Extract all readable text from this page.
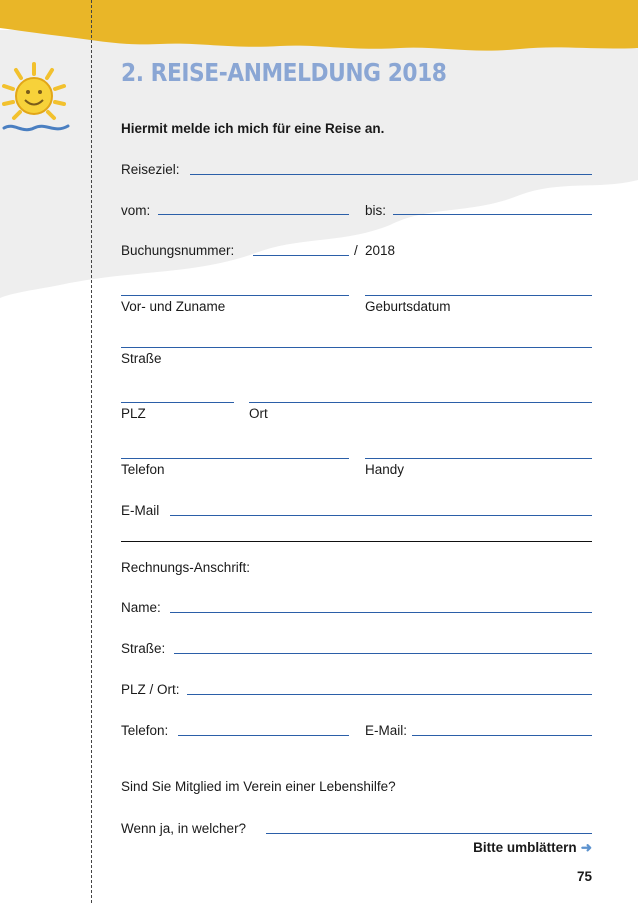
2. REISE-ANMELDUNG 2018
Hiermit melde ich mich für eine Reise an.
Reiseziel:
vom:	bis:
Buchungsnummer:	/ 2018
Vor- und Zuname	Geburtsdatum
Straße
PLZ	Ort
Telefon	Handy
E-Mail
Rechnungs-Anschrift:
Name:
Straße:
PLZ / Ort:
Telefon:	E-Mail:
Sind Sie Mitglied im Verein einer Lebenshilfe?
Wenn ja, in welcher?
Bitte umblättern ➜
75
